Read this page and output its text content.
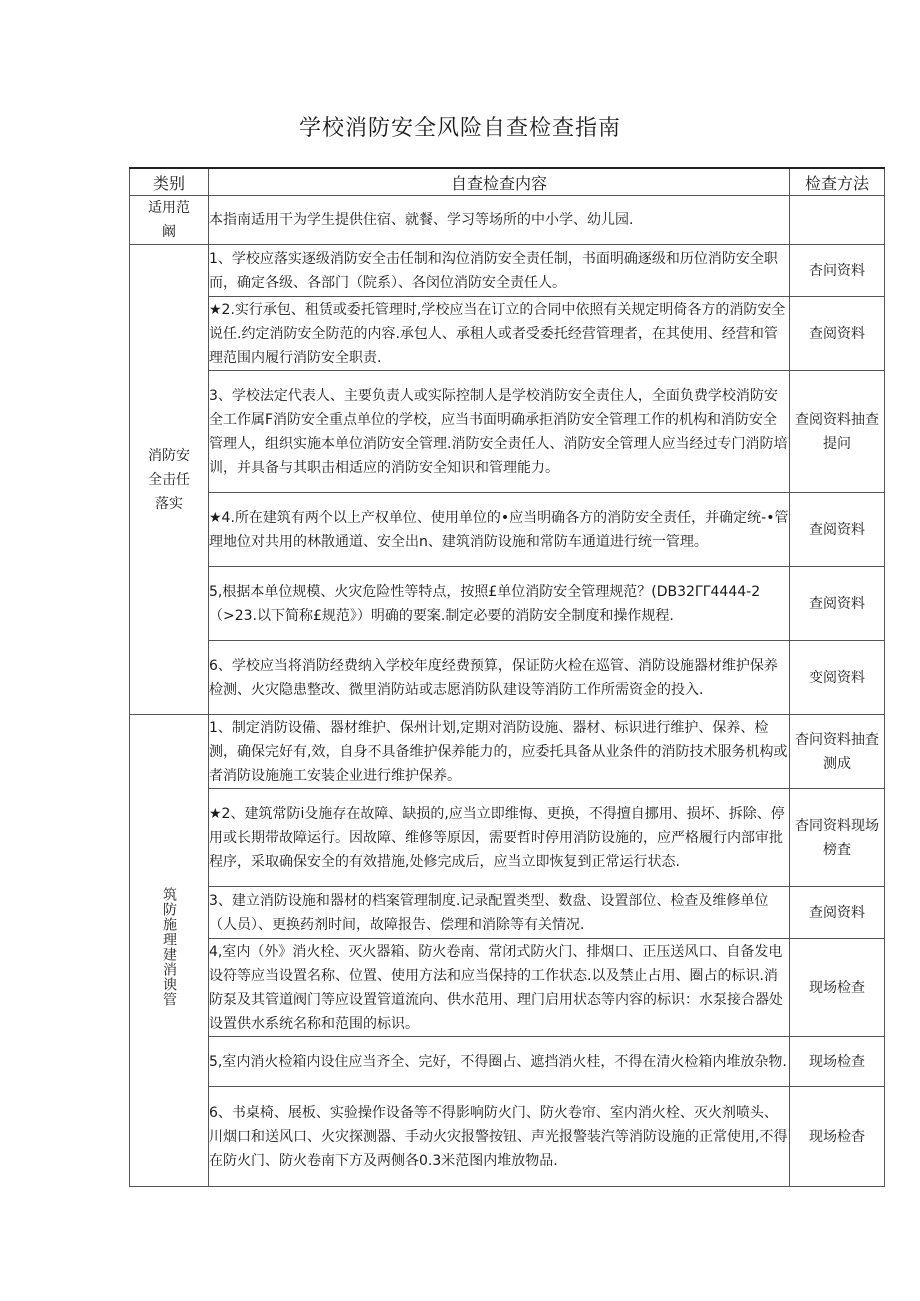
学校消防安全风险自查检查指南
类别	自查检查内容	检查方法
适用范阚	本指南适用干为学生提供住宿、就餐、学习等场所的中小学、幼儿园.	
消防安全击任落实	1、学校应落实逐级消防安全击任制和沟位消防安全责任制，书面明确逐级和历位消防安全职而，确定各级、各部门（院系）、各闵位消防安全责任人。	杏问资料
	★2.实行承包、租赁或委托管理时,学校应当在订立的合同中依照有关规定明倚各方的消防安全说任.约定消防安全防范的内容.承包人、承租人或者受委托经营管理者，在其使用、经营和管理范围内履行消防安全职责.	查阅资料
	3、学校法定代表人、主要负责人或实际控制人是学校消防安全责住人，全面负费学校消防安全工作属F消防安全重点单位的学校，应当书面明确承拒消防安全管理工作的机构和消防安全管理人，组织实施本单位消防安全管理.消防安全责任人、消防安全管理人应当经过专门消防培训，并具备与其职击相适应的消防安全知识和管理能力。	查阅资料抽查提问
	★4.所在建筑有两个以上产权单位、使用单位的•应当明确各方的消防安全责任，并确定统-•管理地位对共用的林散通道、安全出n、建筑消防设施和常防车通道进行统一管理。	查阅资料
	5,根据本单位规模、火灾危险性等特点，按照£单位消防安全管理规范？(DB32ΓΓ4444-2（>23.以下简称£规范》）明确的要案.制定必要的消防安全制度和操作规程.	查阅资料
	6、学校应当将消防经费纳入学校年度经费预算，保证防火检在巡管、消防设施器材维护保养检测、火灾隐患整改、微里消防站或志愿消防队建设等消防工作所需资金的投入.	变阅资料
筑防施理建消谀管	1、制定消防设備、器材维护、保州计划,定期对消防设施、器材、标识进行维护、保养、检测，确保完好有,效，自身不具备维护保养能力的，应委托具备从业条件的消防技术服务机构或者消防设施施工安装企业进行维护保养。	杳问资料抽査测成
	★2、建筑常防i殳施存在故障、缺损的,应当立即维悔、更换，不得擅自挪用、损坏、拆除、停用或长期带故障运行。因故障、维修等原因，需要哲时停用消防设施的，应严格履行内部审批程序，采取确保安全的有效措施,处修完成后，应当立即恢复到正常运行状态.	杳同资料现场榜査
	3、建立消防设施和器材的档案管理制度.记录配置类型、数盘、设置部位、检查及维修单位（人员）、更换药剂时间，故障报告、偿理和消除等有关情况.	查阅资料
	4,室内（外》消火栓、灭火器箱、防火卷南、常闭式防火门、排烟口、正压送风口、自备发电设符等应当设置名称、位置、使用方法和应当保持的工作状态.以及禁止占用、圈占的标识.消防泵及其管道阀门等应设置管道流向、供水范用、理门启用状态等内容的标识：水泵接合器处设置供水系统名称和范围的标识。	现场检查
	5,室内消火检箱内设住应当齐全、完好，不得圈占、遮挡消火桂，不得在清火检箱内堆放杂物.	现场检查
	6、书桌椅、展板、实验操作设备等不得影响防火门、防火卷帘、室内消火栓、灭火剂喷头、川烟口和送风口、火灾探测器、手动火灾报警按钮、声光报警装汽等消防设施的正常使用,不得在防火门、防火卷南下方及两侧各0.3米范图内堆放物品.	现场检杳
